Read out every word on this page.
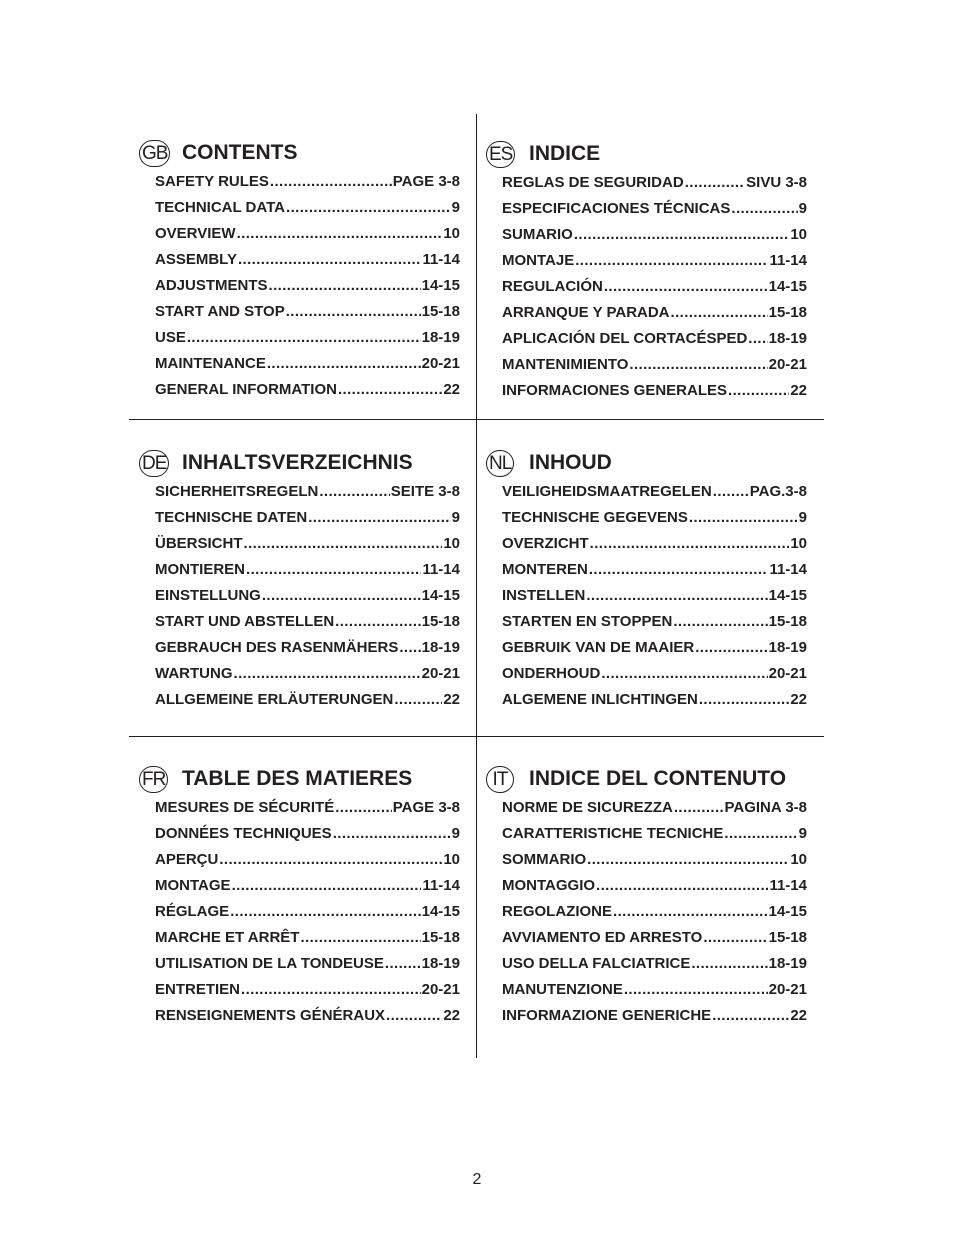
GB CONTENTS
SAFETY RULES .....	PAGE 3-8
TECHNICAL DATA .....	9
OVERVIEW .....	10
ASSEMBLY .....	11-14
ADJUSTMENTS .....	14-15
START AND STOP .....	15-18
USE .....	18-19
MAINTENANCE .....	20-21
GENERAL INFORMATION .....	22
ES INDICE
REGLAS DE SEGURIDAD .....	SIVU 3-8
ESPECIFICACIONES TÉCNICAS .....	9
SUMARIO .....	10
MONTAJE .....	11-14
REGULACIÓN .....	14-15
ARRANQUE Y PARADA .....	15-18
APLICACIÓN DEL CORTACÉSPED ..... 18-19
MANTENIMIENTO .....	20-21
INFORMACIONES GENERALES .....	22
DE INHALTSVERZEICHNIS
SICHERHEITSREGELN .....	SEITE 3-8
TECHNISCHE DATEN .....	9
ÜBERSICHT .....	10
MONTIEREN .....	11-14
EINSTELLUNG .....	14-15
START UND ABSTELLEN .....	15-18
GEBRAUCH DES RASENMÄHERS ..... 18-19
WARTUNG .....	20-21
ALLGEMEINE ERLÄUTERUNGEN .....	22
NL INHOUD
VEILIGHEIDSMAATREGELEN .....	PAG.3-8
TECHNISCHE GEGEVENS .....	9
OVERZICHT .....	10
MONTEREN .....	11-14
INSTELLEN .....	14-15
STARTEN EN STOPPEN .....	15-18
GEBRUIK VAN DE MAAIER .....	18-19
ONDERHOUD .....	20-21
ALGEMENE INLICHTINGEN .....	22
FR TABLE DES MATIERES
MESURES DE SÉCURITÉ .....	PAGE 3-8
DONNÉES TECHNIQUES .....	9
APERÇU .....	10
MONTAGE .....	11-14
RÉGLAGE .....	14-15
MARCHE ET ARRÊT .....	15-18
UTILISATION DE LA TONDEUSE .....	18-19
ENTRETIEN .....	20-21
RENSEIGNEMENTS GÉNÉRAUX .....	22
IT	INDICE DEL CONTENUTO
NORME DE SICUREZZA .....	PAGINA 3-8
CARATTERISTICHE TECNICHE .....	9
SOMMARIO .....	10
MONTAGGIO .....	11-14
REGOLAZIONE .....	14-15
AVVIAMENTO ED ARRESTO .....	15-18
USO DELLA FALCIATRICE .....	18-19
MANUTENZIONE .....	20-21
INFORMAZIONE GENERICHE .....	22
2
